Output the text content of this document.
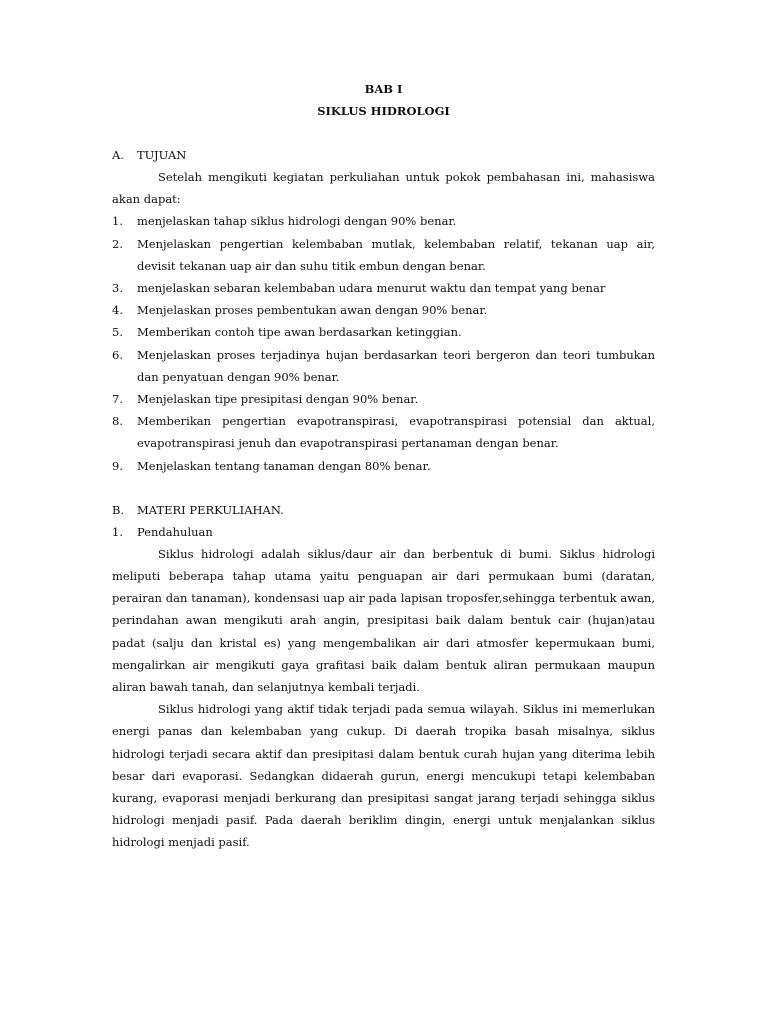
BAB I
SIKLUS HIDROLOGI
A. TUJUAN
Setelah mengikuti kegiatan perkuliahan untuk pokok pembahasan ini, mahasiswa akan dapat:
1. menjelaskan tahap siklus hidrologi dengan 90% benar.
2. Menjelaskan pengertian kelembaban mutlak, kelembaban relatif, tekanan uap air, devisit tekanan uap air dan suhu titik embun dengan benar.
3. menjelaskan sebaran kelembaban udara menurut waktu dan tempat yang benar
4. Menjelaskan proses pembentukan awan dengan 90% benar.
5. Memberikan contoh tipe awan berdasarkan ketinggian.
6. Menjelaskan proses terjadinya hujan berdasarkan teori bergeron dan teori tumbukan dan penyatuan dengan 90% benar.
7. Menjelaskan tipe presipitasi dengan 90% benar.
8. Memberikan pengertian evapotranspirasi, evapotranspirasi potensial dan aktual, evapotranspirasi jenuh dan evapotranspirasi pertanaman dengan benar.
9. Menjelaskan tentang tanaman dengan 80% benar.
B. MATERI PERKULIAHAN.
1. Pendahuluan
Siklus hidrologi adalah siklus/daur air dan berbentuk di bumi. Siklus hidrologi meliputi beberapa tahap utama yaitu penguapan air dari permukaan bumi (daratan, perairan dan tanaman), kondensasi uap air pada lapisan troposfer,sehingga terbentuk awan, perindahan awan mengikuti arah angin, presipitasi baik dalam bentuk cair (hujan)atau padat (salju dan kristal es) yang mengembalikan air dari atmosfer kepermukaan bumi, mengalirkan air mengikuti gaya grafitasi baik dalam bentuk aliran permukaan maupun aliran bawah tanah, dan selanjutnya kembali terjadi.
Siklus hidrologi yang aktif tidak terjadi pada semua wilayah. Siklus ini memerlukan energi panas dan kelembaban yang cukup. Di daerah tropika basah misalnya, siklus hidrologi terjadi secara aktif dan presipitasi dalam bentuk curah hujan yang diterima lebih besar dari evaporasi. Sedangkan didaerah gurun, energi mencukupi tetapi kelembaban kurang, evaporasi menjadi berkurang dan presipitasi sangat jarang terjadi sehingga siklus hidrologi menjadi pasif. Pada daerah beriklim dingin, energi untuk menjalankan siklus hidrologi menjadi pasif.
